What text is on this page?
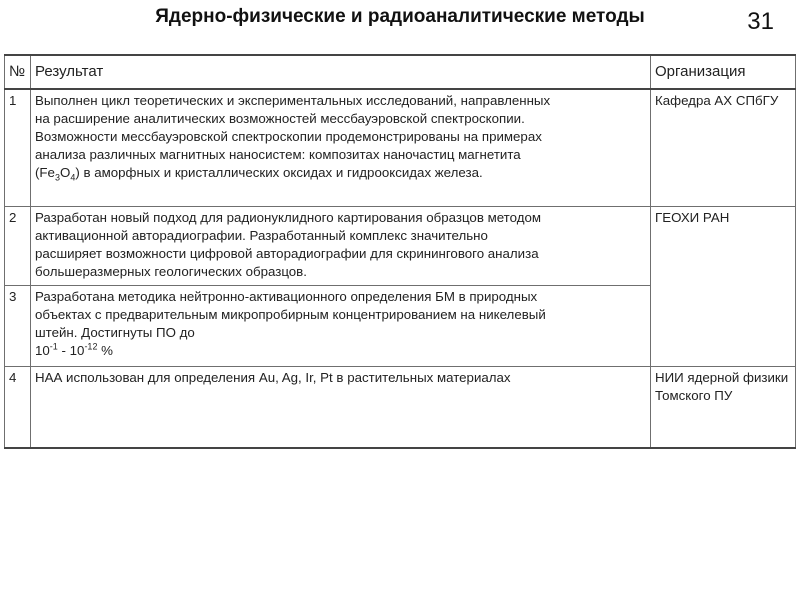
Ядерно-физические и радиоаналитические методы	31
№	Результат	Организация
1	Выполнен цикл теоретических и экспериментальных исследований, направленных
на расширение аналитических возможностей мессбауэровской спектроскопии.
Возможности мессбауэровской спектроскопии продемонстрированы на примерах
анализа различных магнитных наносистем: композитах наночастиц магнетита
$(Fe_3O_4)$ в аморфных и кристаллических оксидах и гидрооксидах железа.	Кафедра АХ СПбГУ
2	Разработан новый подход для радионуклидного картирования образцов методом
активационной авторадиографии. Разработанный комплекс значительно
расширяет возможности цифровой авторадиографии для скринингового анализа
большеразмерных геологических образцов.	ГЕОХИ РАН
3	Разработана методика нейтронно-активационного определения БМ в природных
объектах с предварительным микропробирным концентрированием на никелевый
штейн. Достигнуты ПО до
$10^{-1} - 10^{-12}$ %	

4	НАА использован для определения Au, Ag, Ir, Pt в растительных материалах	НИИ ядерной физики Томского ПУ
